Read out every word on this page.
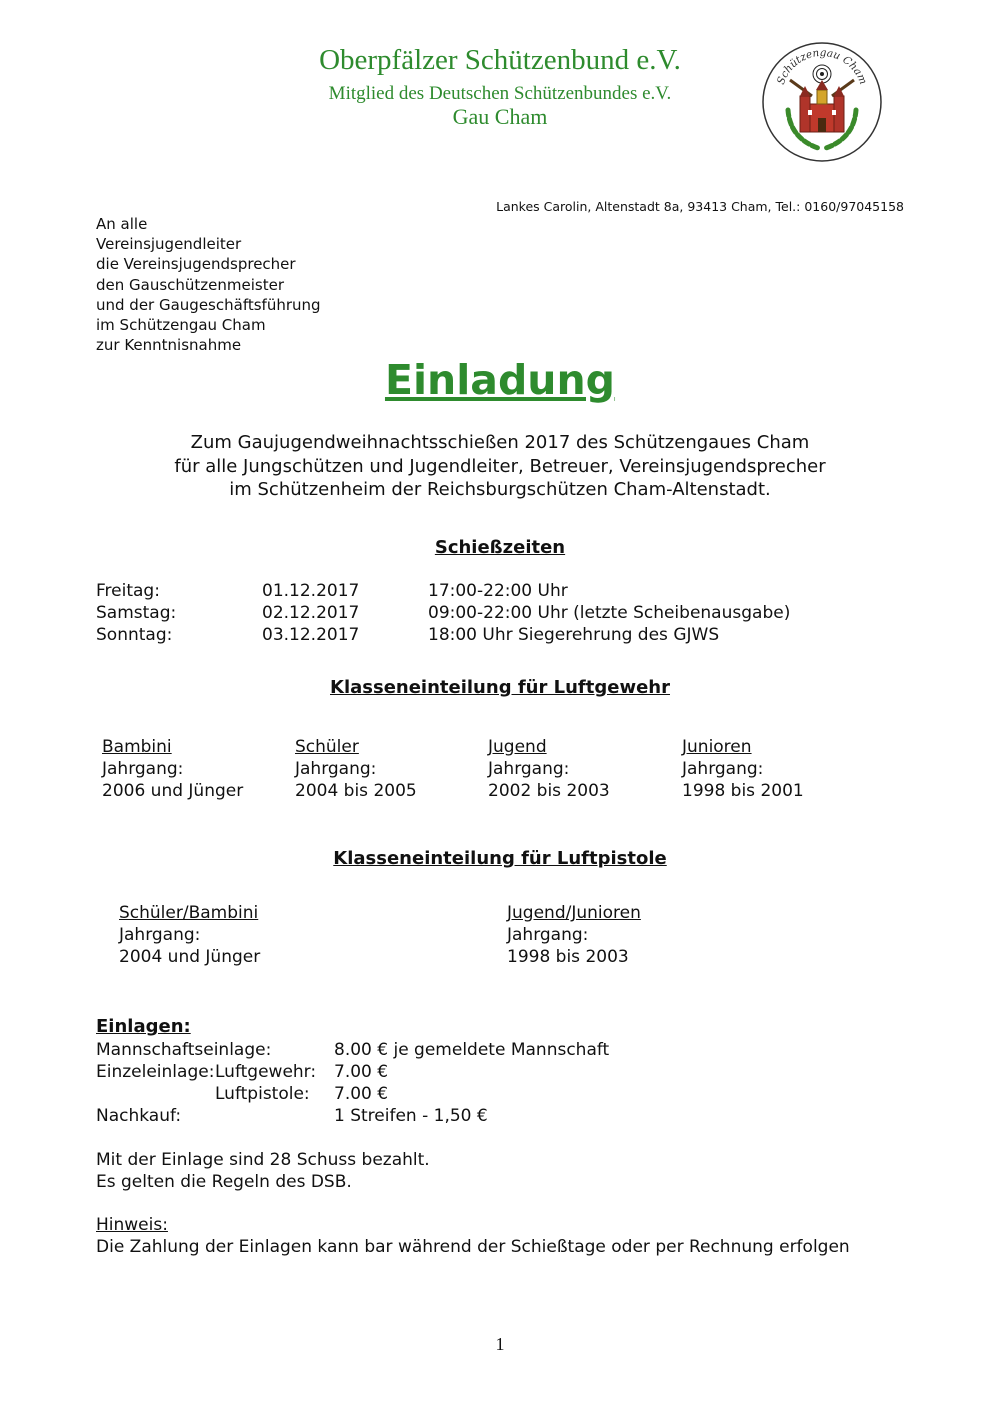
Oberpfälzer Schützenbund e.V.
Mitglied des Deutschen Schützenbundes e.V.
Gau Cham
Schützengau Cham
Lankes Carolin, Altenstadt 8a, 93413 Cham, Tel.: 0160/97045158
An alle
Vereinsjugendleiter
die Vereinsjugendsprecher
den Gauschützenmeister
und der Gaugeschäftsführung
im Schützengau Cham
zur Kenntnisnahme
Einladung
Zum Gaujugendweihnachtsschießen 2017 des Schützengaues Cham
für alle Jungschützen und Jugendleiter, Betreuer, Vereinsjugendsprecher
im Schützenheim der Reichsburgschützen Cham-Altenstadt.
Schießzeiten
Freitag:	01.12.2017	17:00-22:00 Uhr
Samstag:	02.12.2017	09:00-22:00 Uhr (letzte Scheibenausgabe)
Sonntag:	03.12.2017	18:00 Uhr Siegerehrung des GJWS
Klasseneinteilung für Luftgewehr
Bambini
Jahrgang:
2006 und Jünger
Schüler
Jahrgang:
2004 bis 2005
Jugend
Jahrgang:
2002 bis 2003
Junioren
Jahrgang:
1998 bis 2001
Klasseneinteilung für Luftpistole
Schüler/Bambini
Jahrgang:
2004 und Jünger
Jugend/Junioren
Jahrgang:
1998 bis 2003
Einlagen:
Mannschaftseinlage:	8.00 € je gemeldete Mannschaft
Einzeleinlage: Luftgewehr: 7.00 €
Luftpistole: 7.00 €
Nachkauf:	1 Streifen - 1,50 €
Mit der Einlage sind 28 Schuss bezahlt.
Es gelten die Regeln des DSB.
Hinweis:
Die Zahlung der Einlagen kann bar während der Schießtage oder per Rechnung erfolgen
1
